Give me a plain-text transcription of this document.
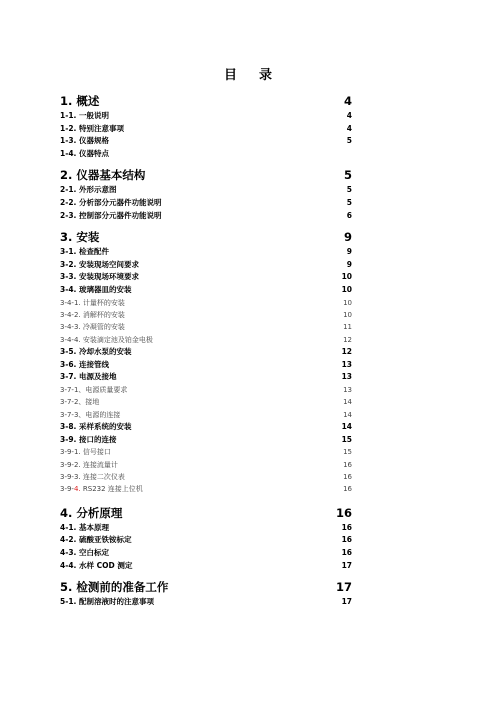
目 录
1. 概述	4
1-1. 一般说明	4
1-2. 特别注意事项	4
1-3. 仪器规格	5
1-4. 仪器特点
2. 仪器基本结构	5
2-1. 外形示意图	5
2-2. 分析部分元器件功能说明	5
2-3. 控制部分元器件功能说明	6
3. 安装	9
3-1. 检查配件	9
3-2. 安装现场空间要求	9
3-3. 安装现场环境要求	10
3-4. 玻璃器皿的安装	10
3-4-1. 计量杯的安装	10
3-4-2. 消解杯的安装	10
3-4-3. 冷凝管的安装	11
3-4-4. 安装滴定池及铂金电极	12
3-5. 冷却水泵的安装	12
3-6. 连接管线	13
3-7. 电源及接地	13
3-7-1、电源质量要求	13
3-7-2、接地	14
3-7-3、电源的连接	14
3-8. 采样系统的安装	14
3-9. 接口的连接	15
3-9-1. 信号接口	15
3-9-2. 连接流量计	16
3-9-3. 连接二次仪表	16
3-9-4. RS232 连接上位机	16
4. 分析原理	16
4-1. 基本原理	16
4-2. 硫酸亚铁铵标定	16
4-3. 空白标定	16
4-4. 水样 COD 测定	17
5. 检测前的准备工作	17
5-1. 配制溶液时的注意事项	17
